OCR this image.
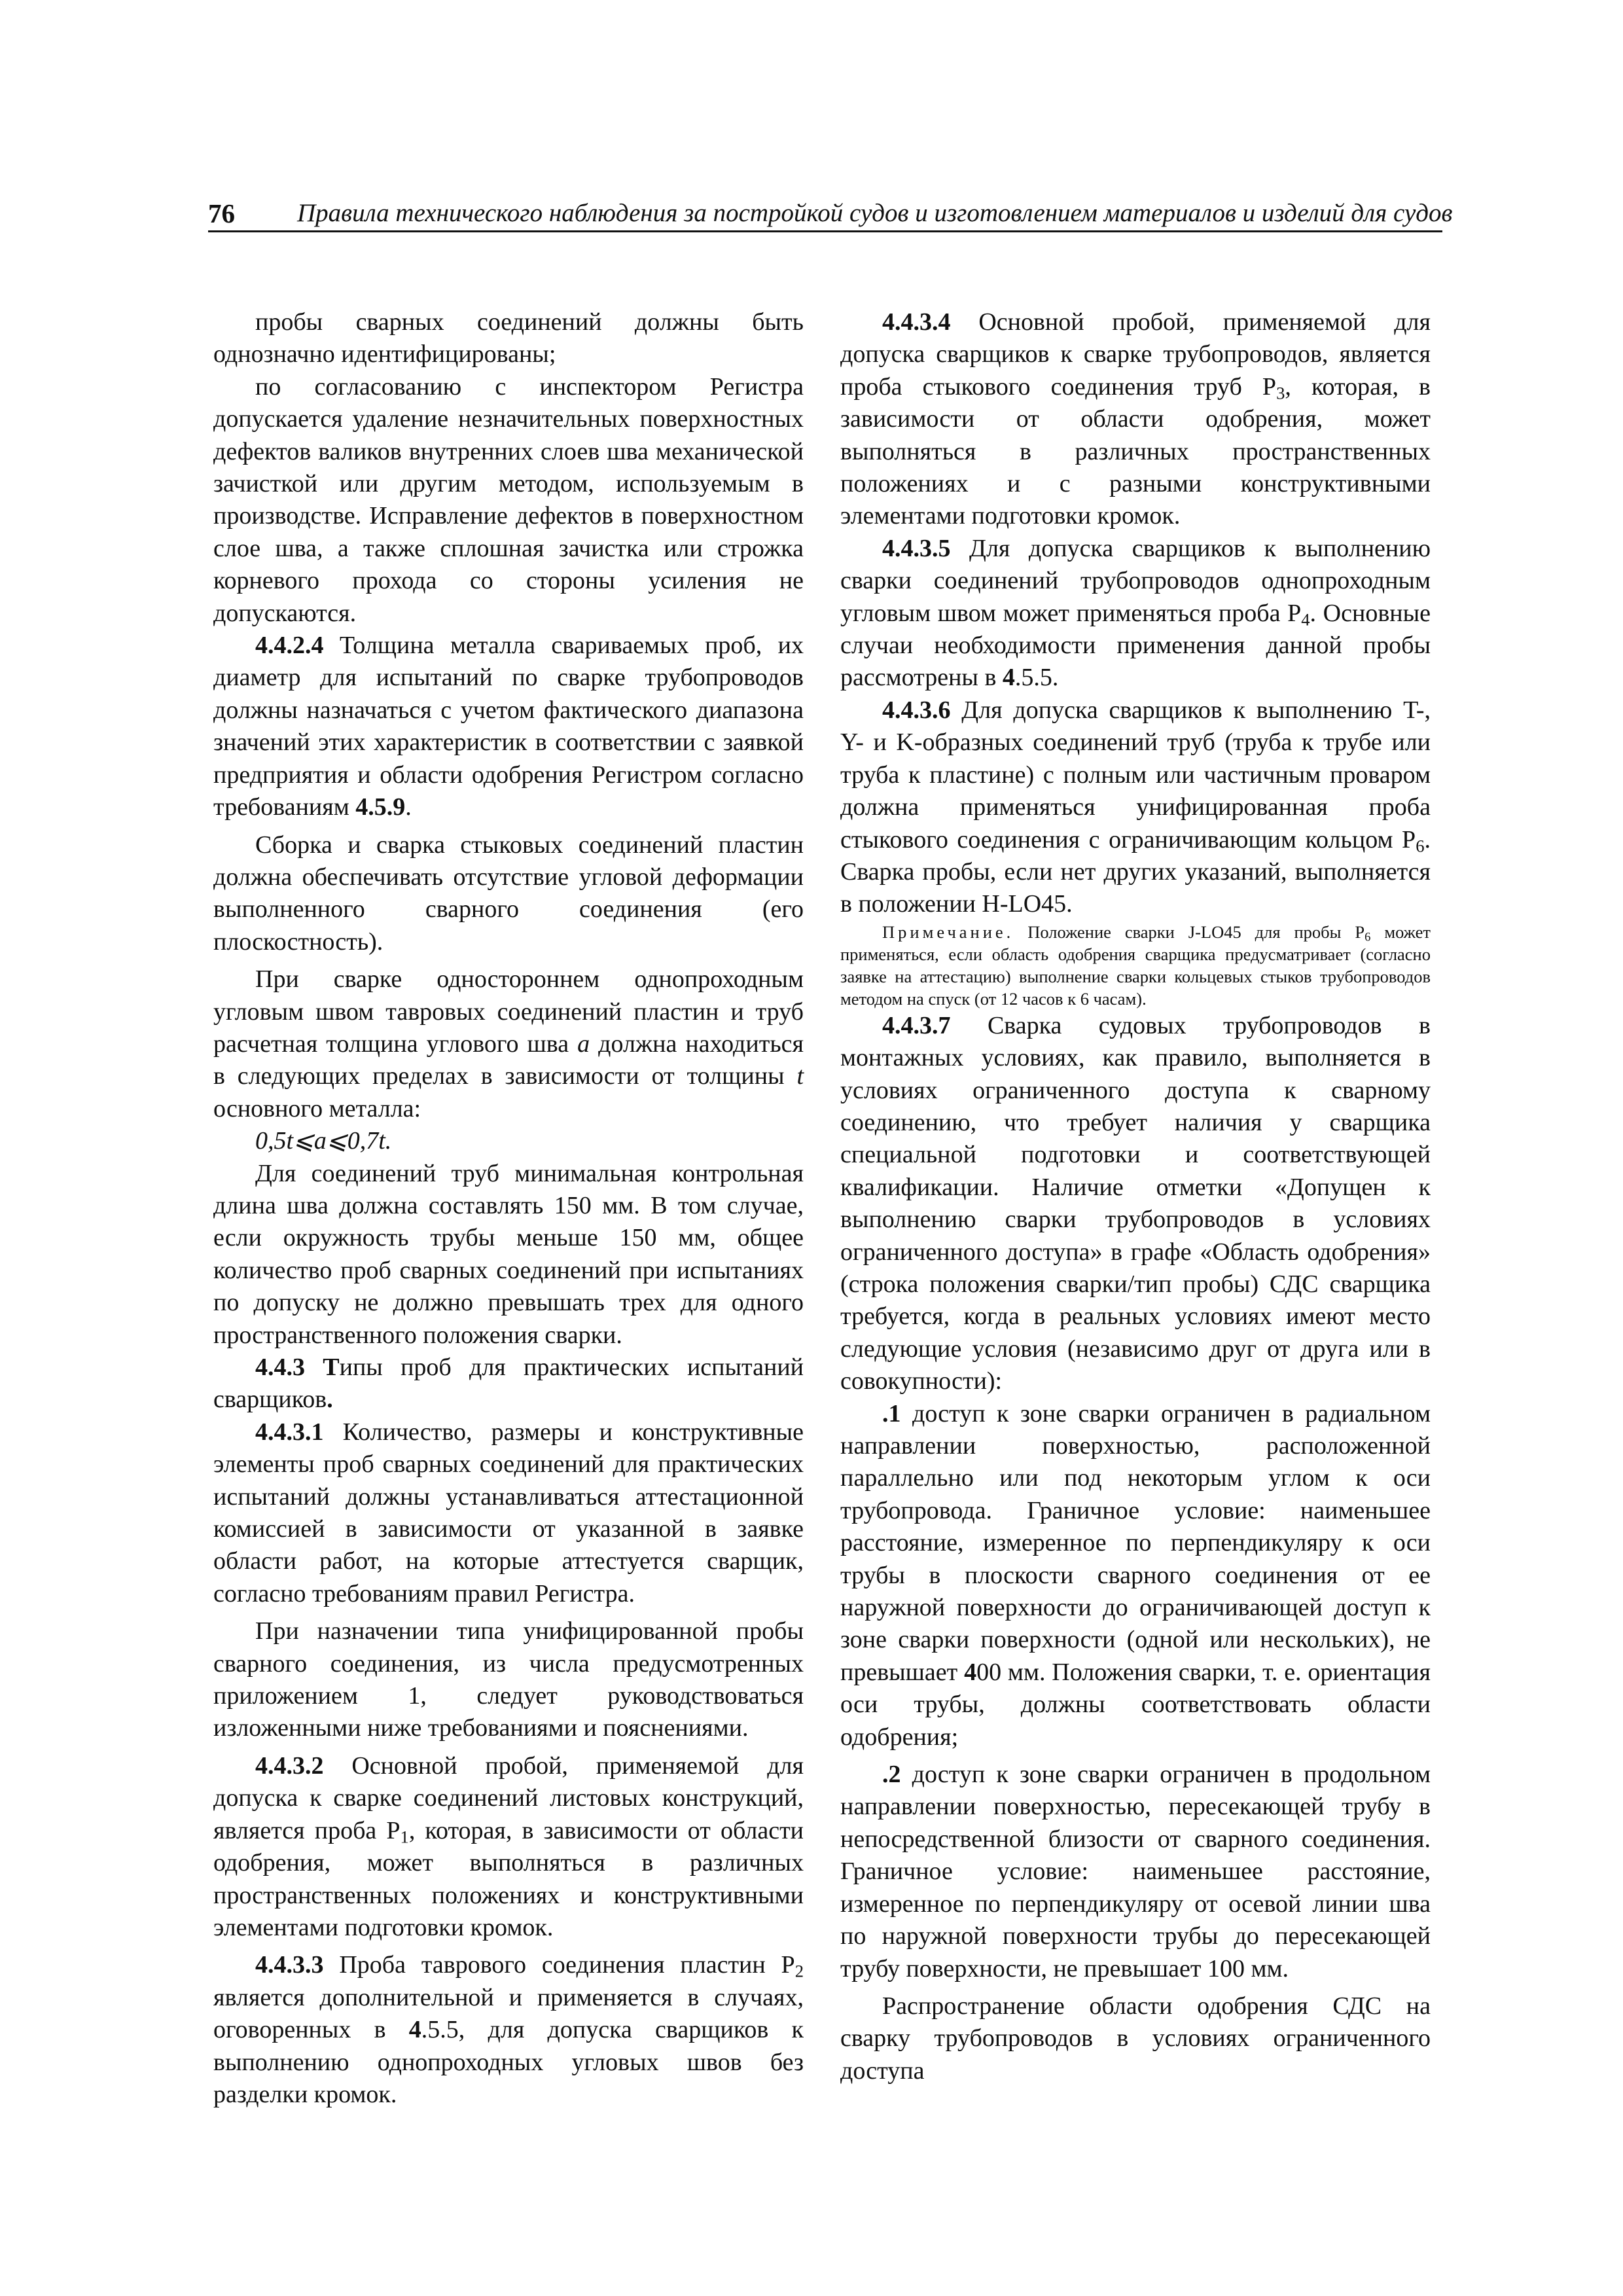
76 Правила технического наблюдения за постройкой судов и изготовлением материалов и изделий для судов

пробы сварных соединений должны быть однозначно идентифицированы;

по согласованию с инспектором Регистра допускается удаление незначительных поверхностных дефектов валиков внутренних слоев шва механической зачисткой или другим методом, используемым в производстве. Исправление дефектов в поверхностном слое шва, а также сплошная зачистка или строжка корневого прохода со стороны усиления не допускаются.

4.4.2.4 Толщина металла свариваемых проб, их диаметр для испытаний по сварке трубопроводов должны назначаться с учетом фактического диапазона значений этих характеристик в соответствии с заявкой предприятия и области одобрения Регистром согласно требованиям 4.5.9.

Сборка и сварка стыковых соединений пластин должна обеспечивать отсутствие угловой деформации выполненного сварного соединения (его плоскостность).

При сварке одностороннем однопроходным угловым швом тавровых соединений пластин и труб расчетная толщина углового шва a должна находиться в следующих пределах в зависимости от толщины t основного металла:

0,5t⩽a⩽0,7t.

Для соединений труб минимальная контрольная длина шва должна составлять 150 мм. В том случае, если окружность трубы меньше 150 мм, общее количество проб сварных соединений при испытаниях по допуску не должно превышать трех для одного пространственного положения сварки.

4.4.3 Типы проб для практических испытаний сварщиков.

4.4.3.1 Количество, размеры и конструктивные элементы проб сварных соединений для практических испытаний должны устанавливаться аттестационной комиссией в зависимости от указанной в заявке области работ, на которые аттестуется сварщик, согласно требованиям правил Регистра.

При назначении типа унифицированной пробы сварного соединения, из числа предусмотренных приложением 1, следует руководствоваться изложенными ниже требованиями и пояснениями.

4.4.3.2 Основной пробой, применяемой для допуска к сварке соединений листовых конструкций, является проба $P_1$, которая, в зависимости от области одобрения, может выполняться в различных пространственных положениях и конструктивными элементами подготовки кромок.

4.4.3.3 Проба таврового соединения пластин $P_2$ является дополнительной и применяется в случаях, оговоренных в 4.5.5, для допуска сварщиков к выполнению однопроходных угловых швов без разделки кромок.

4.4.3.4 Основной пробой, применяемой для допуска сварщиков к сварке трубопроводов, является проба стыкового соединения труб $P_3$, которая, в зависимости от области одобрения, может выполняться в различных пространственных положениях и с разными конструктивными элементами подготовки кромок.

4.4.3.5 Для допуска сварщиков к выполнению сварки соединений трубопроводов однопроходным угловым швом может применяться проба $P_4$. Основные случаи необходимости применения данной пробы рассмотрены в 4.5.5.

4.4.3.6 Для допуска сварщиков к выполнению T-, Y- и K-образных соединений труб (труба к трубе или труба к пластине) с полным или частичным проваром должна применяться унифицированная проба стыкового соединения с ограничивающим кольцом $P_6$. Сварка пробы, если нет других указаний, выполняется в положении H-LO45.

Примечание. Положение сварки J-LO45 для пробы $P_6$ может применяться, если область одобрения сварщика предусматривает (согласно заявке на аттестацию) выполнение сварки кольцевых стыков трубопроводов методом на спуск (от 12 часов к 6 часам).

4.4.3.7 Сварка судовых трубопроводов в монтажных условиях, как правило, выполняется в условиях ограниченного доступа к сварному соединению, что требует наличия у сварщика специальной подготовки и соответствующей квалификации. Наличие отметки «Допущен к выполнению сварки трубопроводов в условиях ограниченного доступа» в графе «Область одобрения» (строка положения сварки/тип пробы) СДС сварщика требуется, когда в реальных условиях имеют место следующие условия (независимо друг от друга или в совокупности):

.1 доступ к зоне сварки ограничен в радиальном направлении поверхностью, расположенной параллельно или под некоторым углом к оси трубопровода. Граничное условие: наименьшее расстояние, измеренное по перпендикуляру к оси трубы в плоскости сварного соединения от ее наружной поверхности до ограничивающей доступ к зоне сварки поверхности (одной или нескольких), не превышает 400 мм. Положения сварки, т. е. ориентация оси трубы, должны соответствовать области одобрения;

.2 доступ к зоне сварки ограничен в продольном направлении поверхностью, пересекающей трубу в непосредственной близости от сварного соединения. Граничное условие: наименьшее расстояние, измеренное по перпендикуляру от осевой линии шва по наружной поверхности трубы до пересекающей трубу поверхности, не превышает 100 мм.

Распространение области одобрения СДС на сварку трубопроводов в условиях ограниченного доступа
